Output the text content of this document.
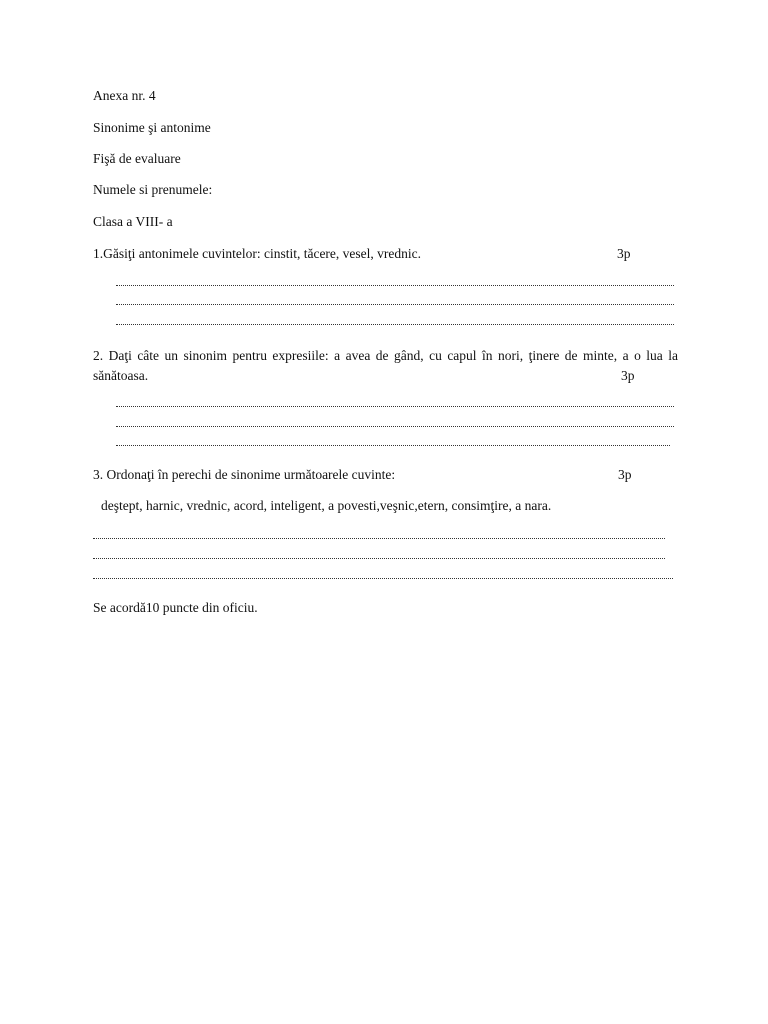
Anexa nr. 4
Sinonime şi antonime
Fişă de evaluare
Numele si prenumele:
Clasa a VIII- a
1.Găsiţi antonimele cuvintelor: cinstit, tăcere, vesel, vrednic.	3p
2. Daţi câte un sinonim pentru expresiile: a avea de gând, cu capul în nori, ţinere de minte, a o lua la sănătoasa.	3p
3. Ordonaţi în perechi de sinonime următoarele cuvinte:	3p
deştept, harnic, vrednic, acord, inteligent, a povesti,veşnic,etern, consimţire, a nara.
Se acordă10 puncte din oficiu.
